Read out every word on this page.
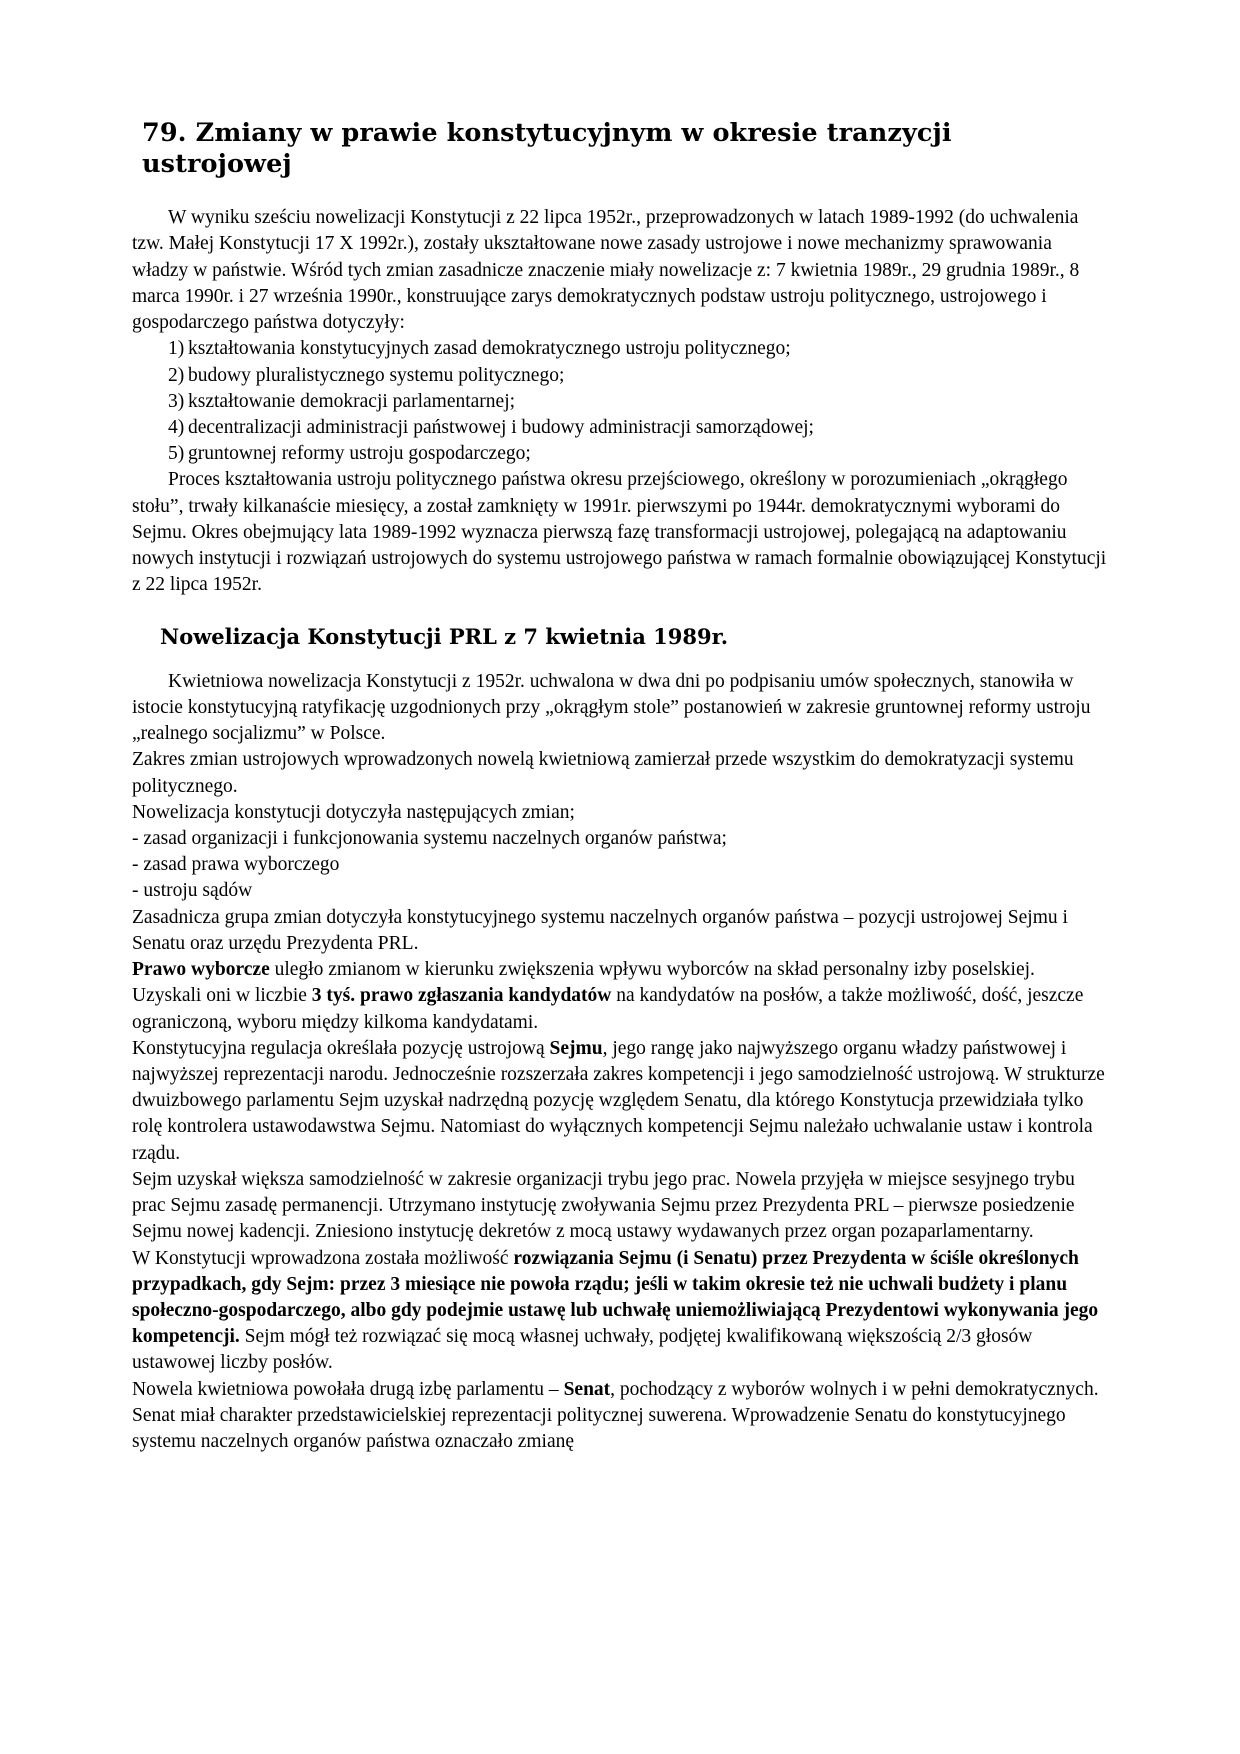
79. Zmiany w prawie konstytucyjnym w okresie tranzycji ustrojowej

W wyniku sześciu nowelizacji Konstytucji z 22 lipca 1952r., przeprowadzonych w latach 1989-1992 (do uchwalenia tzw. Małej Konstytucji 17 X 1992r.), zostały ukształtowane nowe zasady ustrojowe i nowe mechanizmy sprawowania władzy w państwie. Wśród tych zmian zasadnicze znaczenie miały nowelizacje z: 7 kwietnia 1989r., 29 grudnia 1989r., 8 marca 1990r. i 27 września 1990r., konstruujące zarys demokratycznych podstaw ustroju politycznego, ustrojowego i gospodarczego państwa dotyczyły:

1) kształtowania konstytucyjnych zasad demokratycznego ustroju politycznego;
2) budowy pluralistycznego systemu politycznego;
3) kształtowanie demokracji parlamentarnej;
4) decentralizacji administracji państwowej i budowy administracji samorządowej;
5) gruntownej reformy ustroju gospodarczego;

Proces kształtowania ustroju politycznego państwa okresu przejściowego, określony w porozumieniach „okrągłego stołu”, trwały kilkanaście miesięcy, a został zamknięty w 1991r. pierwszymi po 1944r. demokratycznymi wyborami do Sejmu. Okres obejmujący lata 1989-1992 wyznacza pierwszą fazę transformacji ustrojowej, polegającą na adaptowaniu nowych instytucji i rozwiązań ustrojowych do systemu ustrojowego państwa w ramach formalnie obowiązującej Konstytucji z 22 lipca 1952r.

Nowelizacja Konstytucji PRL z 7 kwietnia 1989r.

Kwietniowa nowelizacja Konstytucji z 1952r. uchwalona w dwa dni po podpisaniu umów społecznych, stanowiła w istocie konstytucyjną ratyfikację uzgodnionych przy „okrągłym stole” postanowień w zakresie gruntownej reformy ustroju „realnego socjalizmu” w Polsce.

Zakres zmian ustrojowych wprowadzonych nowelą kwietniową zamierzał przede wszystkim do demokratyzacji systemu politycznego.

Nowelizacja konstytucji dotyczyła następujących zmian;

- zasad organizacji i funkcjonowania systemu naczelnych organów państwa;

- zasad prawa wyborczego

- ustroju sądów

Zasadnicza grupa zmian dotyczyła konstytucyjnego systemu naczelnych organów państwa – pozycji ustrojowej Sejmu i Senatu oraz urzędu Prezydenta PRL.

Prawo wyborcze uległo zmianom w kierunku zwiększenia wpływu wyborców na skład personalny izby poselskiej. Uzyskali oni w liczbie 3 tyś. prawo zgłaszania kandydatów na kandydatów na posłów, a także możliwość, dość, jeszcze ograniczoną, wyboru między kilkoma kandydatami.

Konstytucyjna regulacja określała pozycję ustrojową Sejmu, jego rangę jako najwyższego organu władzy państwowej i najwyższej reprezentacji narodu. Jednocześnie rozszerzała zakres kompetencji i jego samodzielność ustrojową. W strukturze dwuizbowego parlamentu Sejm uzyskał nadrzędną pozycję względem Senatu, dla którego Konstytucja przewidziała tylko rolę kontrolera ustawodawstwa Sejmu. Natomiast do wyłącznych kompetencji Sejmu należało uchwalanie ustaw i kontrola rządu.

Sejm uzyskał większa samodzielność w zakresie organizacji trybu jego prac. Nowela przyjęła w miejsce sesyjnego trybu prac Sejmu zasadę permanencji. Utrzymano instytucję zwoływania Sejmu przez Prezydenta PRL – pierwsze posiedzenie Sejmu nowej kadencji. Zniesiono instytucję dekretów z mocą ustawy wydawanych przez organ pozaparlamentarny.

W Konstytucji wprowadzona została możliwość rozwiązania Sejmu (i Senatu) przez Prezydenta w ściśle określonych przypadkach, gdy Sejm: przez 3 miesiące nie powoła rządu; jeśli w takim okresie też nie uchwali budżety i planu społeczno-gospodarczego, albo gdy podejmie ustawę lub uchwałę uniemożliwiającą Prezydentowi wykonywania jego kompetencji. Sejm mógł też rozwiązać się mocą własnej uchwały, podjętej kwalifikowaną większością 2/3 głosów ustawowej liczby posłów.

Nowela kwietniowa powołała drugą izbę parlamentu – Senat, pochodzący z wyborów wolnych i w pełni demokratycznych. Senat miał charakter przedstawicielskiej reprezentacji politycznej suwerena. Wprowadzenie Senatu do konstytucyjnego systemu naczelnych organów państwa oznaczało zmianę
